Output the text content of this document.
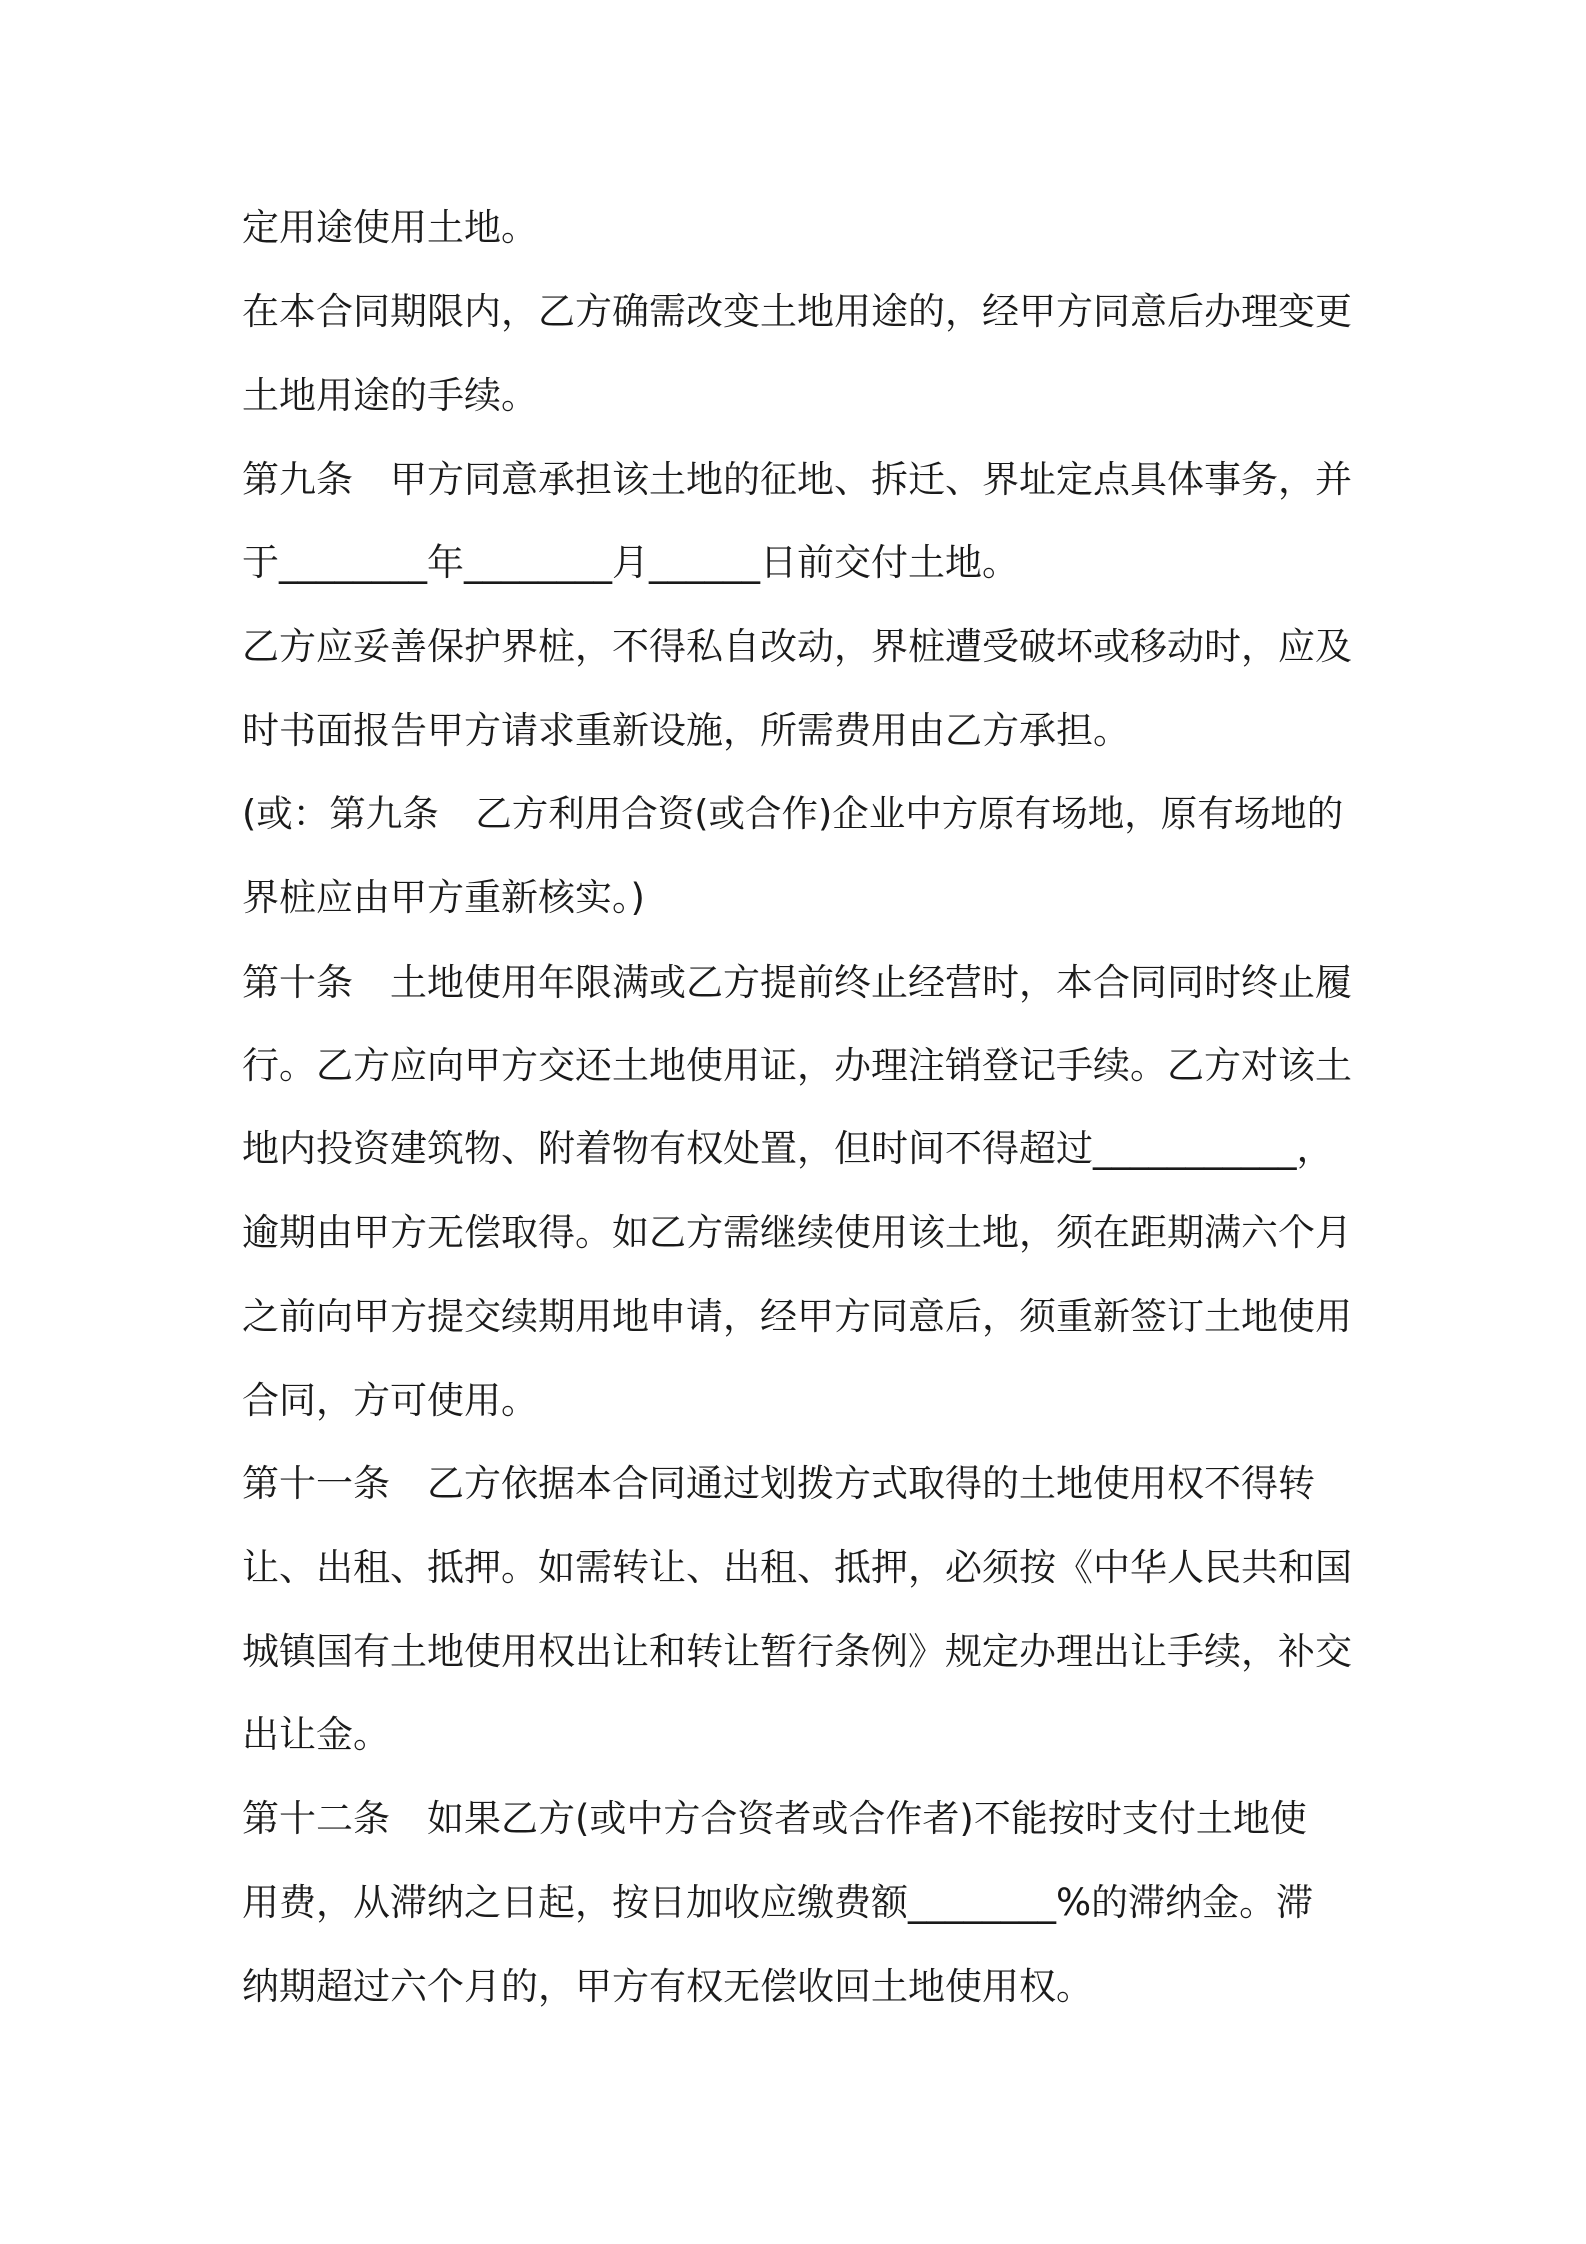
定用途使用土地。

在本合同期限内，乙方确需改变土地用途的，经甲方同意后办理变更

土地用途的手续。

第九条　甲方同意承担该土地的征地、拆迁、界址定点具体事务，并

于________年________月______日前交付土地。

乙方应妥善保护界桩，不得私自改动，界桩遭受破坏或移动时，应及

时书面报告甲方请求重新设施，所需费用由乙方承担。

(或：第九条　乙方利用合资(或合作)企业中方原有场地，原有场地的

界桩应由甲方重新核实。)

第十条　土地使用年限满或乙方提前终止经营时，本合同同时终止履

行。乙方应向甲方交还土地使用证，办理注销登记手续。乙方对该土

地内投资建筑物、附着物有权处置，但时间不得超过___________，

逾期由甲方无偿取得。如乙方需继续使用该土地，须在距期满六个月

之前向甲方提交续期用地申请，经甲方同意后，须重新签订土地使用

合同，方可使用。

第十一条　乙方依据本合同通过划拨方式取得的土地使用权不得转

让、出租、抵押。如需转让、出租、抵押，必须按《中华人民共和国

城镇国有土地使用权出让和转让暂行条例》规定办理出让手续，补交

出让金。

第十二条　如果乙方(或中方合资者或合作者)不能按时支付土地使

用费，从滞纳之日起，按日加收应缴费额________%的滞纳金。滞

纳期超过六个月的，甲方有权无偿收回土地使用权。
